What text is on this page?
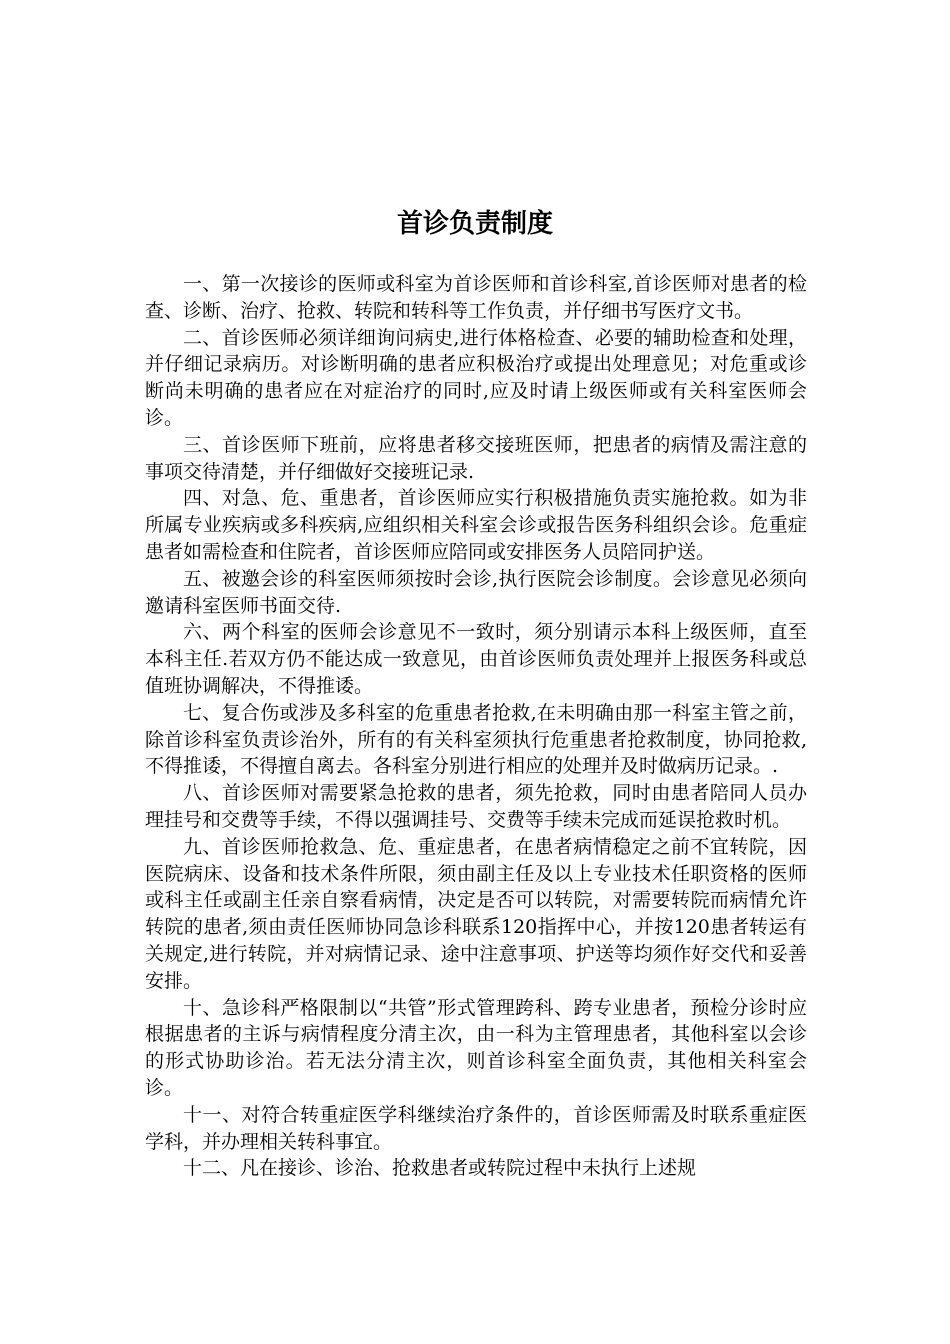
首诊负责制度

一、第一次接诊的医师或科室为首诊医师和首诊科室,首诊医师对患者的检查、诊断、治疗、抢救、转院和转科等工作负责，并仔细书写医疗文书。

二、首诊医师必须详细询问病史,进行体格检查、必要的辅助检查和处理，并仔细记录病历。对诊断明确的患者应积极治疗或提出处理意见；对危重或诊断尚未明确的患者应在对症治疗的同时,应及时请上级医师或有关科室医师会诊。

三、首诊医师下班前，应将患者移交接班医师，把患者的病情及需注意的事项交待清楚，并仔细做好交接班记录.

四、对急、危、重患者，首诊医师应实行积极措施负责实施抢救。如为非所属专业疾病或多科疾病,应组织相关科室会诊或报告医务科组织会诊。危重症患者如需检查和住院者，首诊医师应陪同或安排医务人员陪同护送。

五、被邀会诊的科室医师须按时会诊,执行医院会诊制度。会诊意见必须向邀请科室医师书面交待.

六、两个科室的医师会诊意见不一致时，须分别请示本科上级医师，直至本科主任.若双方仍不能达成一致意见，由首诊医师负责处理并上报医务科或总值班协调解决，不得推诿。

七、复合伤或涉及多科室的危重患者抢救,在未明确由那一科室主管之前，除首诊科室负责诊治外，所有的有关科室须执行危重患者抢救制度，协同抢救,不得推诿，不得擅自离去。各科室分别进行相应的处理并及时做病历记录。.

八、首诊医师对需要紧急抢救的患者，须先抢救，同时由患者陪同人员办理挂号和交费等手续，不得以强调挂号、交费等手续未完成而延误抢救时机。

九、首诊医师抢救急、危、重症患者，在患者病情稳定之前不宜转院，因医院病床、设备和技术条件所限，须由副主任及以上专业技术任职资格的医师或科主任或副主任亲自察看病情，决定是否可以转院，对需要转院而病情允许转院的患者,须由责任医师协同急诊科联系120指挥中心，并按120患者转运有关规定,进行转院，并对病情记录、途中注意事项、护送等均须作好交代和妥善安排。

十、急诊科严格限制以“共管”形式管理跨科、跨专业患者，预检分诊时应根据患者的主诉与病情程度分清主次，由一科为主管理患者，其他科室以会诊的形式协助诊治。若无法分清主次，则首诊科室全面负责，其他相关科室会诊。

十一、对符合转重症医学科继续治疗条件的，首诊医师需及时联系重症医学科，并办理相关转科事宜。

十二、凡在接诊、诊治、抢救患者或转院过程中未执行上述规
